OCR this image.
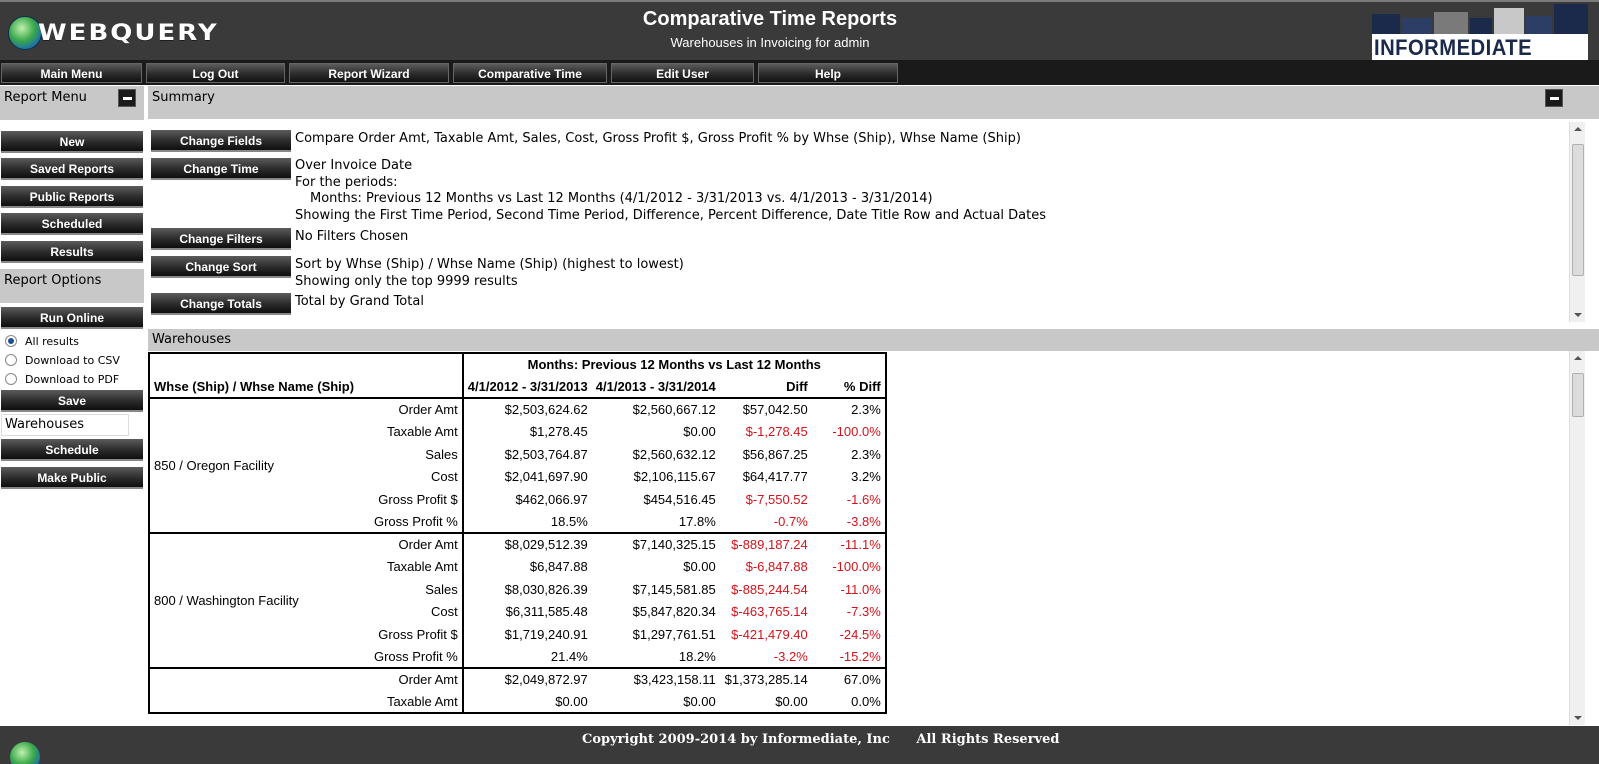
WEBQUERY
Comparative Time Reports
Warehouses in Invoicing for admin	INFORMEDIATE
Main Menu	Log Out	Report Wizard	Comparative Time	Edit User	Help
Report Menu
New
Saved Reports
Public Reports
Scheduled
Results
Report Options
Run Online
All results
Download to CSV
Download to PDF
Save
Warehouses
Schedule
Make Public
Summary
Change Fields	Compare Order Amt, Taxable Amt, Sales, Cost, Gross Profit $, Gross Profit % by Whse (Ship), Whse Name (Ship)
Change Time	Over Invoice Date
For the periods:
Months: Previous 12 Months vs Last 12 Months (4/1/2012 - 3/31/2013 vs. 4/1/2013 - 3/31/2014)
Showing the First Time Period, Second Time Period, Difference, Percent Difference, Date Title Row and Actual Dates
Change Filters	No Filters Chosen
Change Sort	Sort by Whse (Ship) / Whse Name (Ship) (highest to lowest)
Showing only the top 9999 results
Change Totals	Total by Grand Total
Warehouses
		Months: Previous 12 Months vs Last 12 Months			
Whse (Ship) / Whse Name (Ship)		4/1/2012 - 3/31/2013	4/1/2013 - 3/31/2014	Diff	% Diff
850 / Oregon Facility	Order Amt	$2,503,624.62	$2,560,667.12	$57,042.50	2.3%
	Taxable Amt	$1,278.45	$0.00	$-1,278.45	-100.0%
	Sales	$2,503,764.87	$2,560,632.12	$56,867.25	2.3%
	Cost	$2,041,697.90	$2,106,115.67	$64,417.77	3.2%
	Gross Profit $	$462,066.97	$454,516.45	$-7,550.52	-1.6%
	Gross Profit %	18.5%	17.8%	-0.7%	-3.8%
800 / Washington Facility	Order Amt	$8,029,512.39	$7,140,325.15	$-889,187.24	-11.1%
	Taxable Amt	$6,847.88	$0.00	$-6,847.88	-100.0%
	Sales	$8,030,826.39	$7,145,581.85	$-885,244.54	-11.0%
	Cost	$6,311,585.48	$5,847,820.34	$-463,765.14	-7.3%
	Gross Profit $	$1,719,240.91	$1,297,761.51	$-421,479.40	-24.5%
	Gross Profit %	21.4%	18.2%	-3.2%	-15.2%
	Order Amt	$2,049,872.97	$3,423,158.11	$1,373,285.14	67.0%
	Taxable Amt	$0.00	$0.00	$0.00	0.0%
Copyright 2009-2014 by Informediate, Inc All Rights Reserved
